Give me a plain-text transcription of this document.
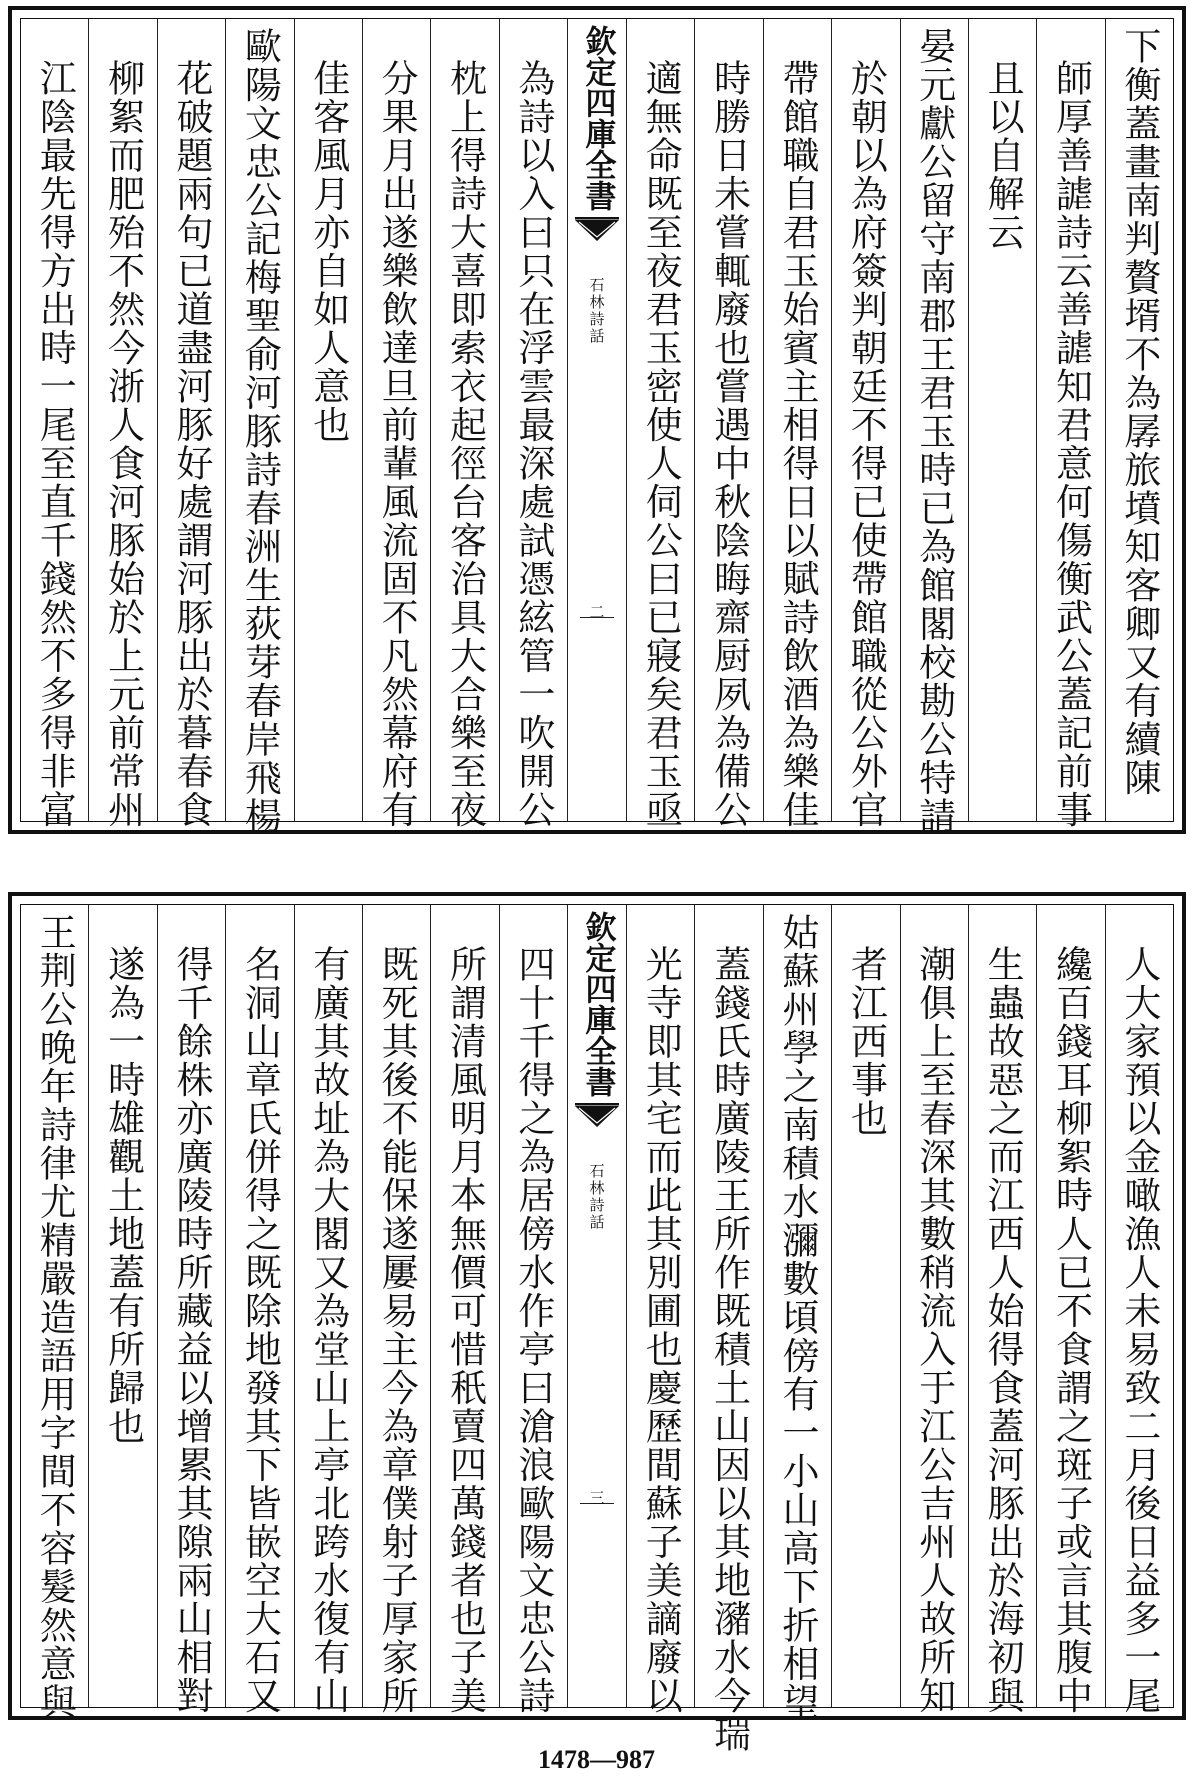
下衡蓋畫南判贅壻不為孱旅墳知客卿又有續陳
師厚善謔詩云善謔知君意何傷衡武公蓋記前事
且以自解云
晏元獻公留守南郡王君玉時已為館閣校勘公特請
於朝以為府簽判朝廷不得已使帶館職從公外官
帶館職自君玉始賓主相得日以賦詩飲酒為樂佳
時勝日未嘗輒廢也嘗遇中秋陰晦齋厨夙為備公
適無命既至夜君玉密使人伺公曰已寢矣君玉亟
欽定四庫全書
石林詩話
二
為詩以入曰只在浮雲最深處試憑絃管一吹開公
枕上得詩大喜即索衣起徑台客治具大合樂至夜
分果月出遂樂飲達旦前輩風流固不凡然幕府有
佳客風月亦自如人意也
歐陽文忠公記梅聖俞河豚詩春洲生荻芽春岸飛楊
花破題兩句已道盡河豚好處謂河豚出於暮春食
柳絮而肥殆不然今浙人食河豚始於上元前常州
江陰最先得方出時一尾至直千錢然不多得非富
人大家預以金噉漁人未易致二月後日益多一尾
纔百錢耳柳絮時人已不食謂之斑子或言其腹中
生蟲故惡之而江西人始得食蓋河豚出於海初與
潮俱上至春深其數稍流入于江公吉州人故所知
者江西事也
姑蘇州學之南積水瀰數頃傍有一小山高下折相望
蓋錢氏時廣陵王所作既積土山因以其地瀦水今瑞
光寺即其宅而此其別圃也慶歷間蘇子美謫廢以
欽定四庫全書
石林詩話
三
四十千得之為居傍水作亭曰滄浪歐陽文忠公詩
所謂清風明月本無價可惜秖賣四萬錢者也子美
既死其後不能保遂屢易主今為章僕射子厚家所
有廣其故址為大閣又為堂山上亭北跨水復有山
名洞山章氏併得之既除地發其下皆嵌空大石又
得千餘株亦廣陵時所藏益以增累其隙兩山相對
遂為一時雄觀土地蓋有所歸也
王荆公晚年詩律尤精嚴造語用字間不容髮然意與
1478—987
